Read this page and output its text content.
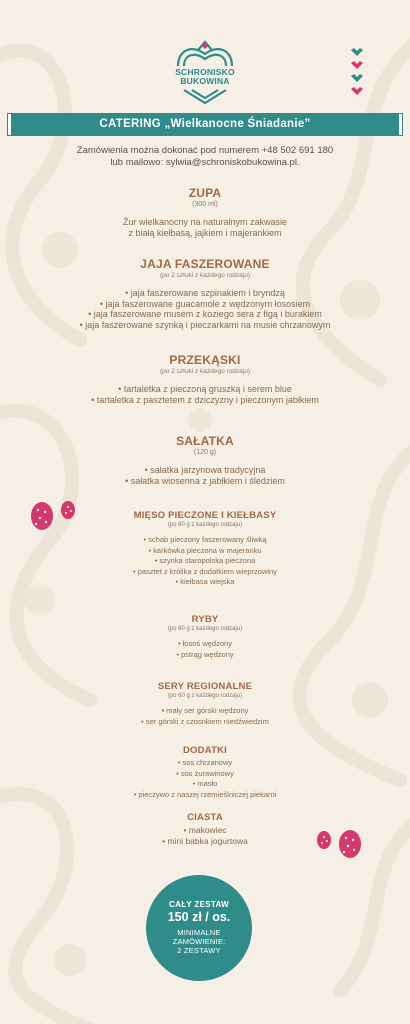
SCHRONISKO
BUKOWINA
CATERING „Wielkanocne Śniadanie”
Zamówienia można dokonać pod numerem +48 502 691 180
lub mailowo: sylwia@schroniskobukowina.pl.
ZUPA
(300 ml)
Żur wielkanocny na naturalnym zakwasie
z białą kiełbasą, jajkiem i majerankiem
JAJA FASZEROWANE
(po 2 sztuki z każdego rodzaju)
• jaja faszerowane szpinakiem i bryndzą
• jaja faszerowane guacamole z wędzonym łososiem
• jaja faszerowane musem z koziego sera z figą i burakiem
• jaja faszerowane szynką i pieczarkami na musie chrzanowym
PRZEKĄSKI
(po 2 sztuki z każdego rodzaju)
• tartaletka z pieczoną gruszką i serem blue
• tartaletka z pasztetem z dziczyzny i pieczonym jabłkiem
SAŁATKA
(120 g)
• sałatka jarzynowa tradycyjna
• sałatka wiosenna z jabłkiem i śledziem
MIĘSO PIECZONE I KIEŁBASY
(po 60 g z każdego rodzaju)
• schab pieczony faszerowany śliwką
• karkówka pieczona w majeranku
• szynka staropolska pieczona
• pasztet z królika z dodatkiem wieprzowiny
• kiełbasa wiejska
RYBY
(po 60 g z każdego rodzaju)
• łosoś wędzony
• pstrąg wędzony
SERY REGIONALNE
(po 60 g z każdego rodzaju)
• mały ser górski wędzony
• ser górski z czosnkiem niedźwiedzim
DODATKI
• sos chrzanowy
• sos żurawinowy
• masło
• pieczywo z naszej rzemieślniczej piekarni
CIASTA
• makowiec
• mini babka jogurtowa
CAŁY ZESTAW
150 zł / os.
MINIMALNE
ZAMÓWIENIE:
2 ZESTAWY
